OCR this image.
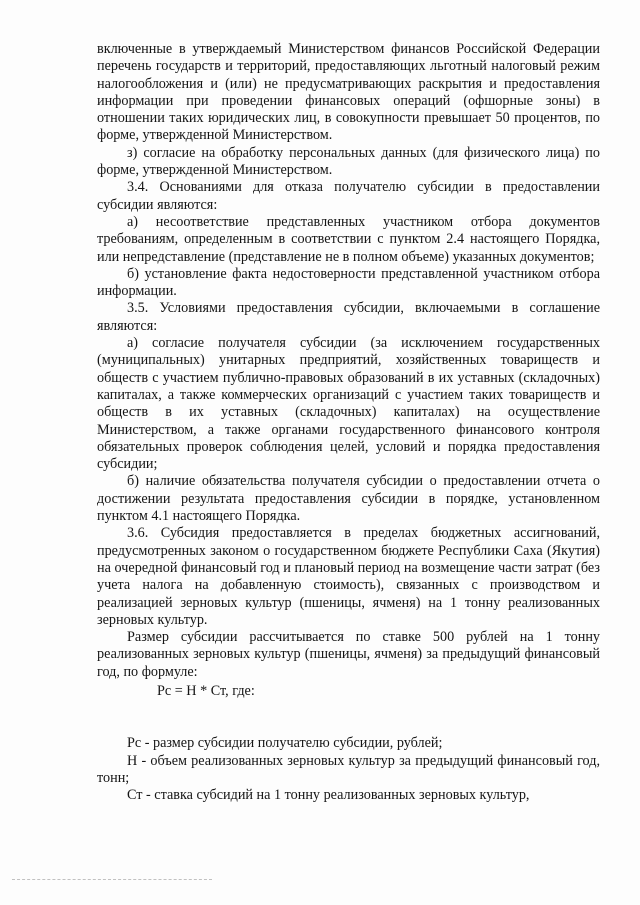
включенные в утверждаемый Министерством финансов Российской Федерации перечень государств и территорий, предоставляющих льготный налоговый режим налогообложения и (или) не предусматривающих раскрытия и предоставления информации при проведении финансовых операций (офшорные зоны) в отношении таких юридических лиц, в совокупности превышает 50 процентов, по форме, утвержденной Министерством.

з) согласие на обработку персональных данных (для физического лица) по форме, утвержденной Министерством.

3.4. Основаниями для отказа получателю субсидии в предоставлении субсидии являются:

а) несоответствие представленных участником отбора документов требованиям, определенным в соответствии с пунктом 2.4 настоящего Порядка, или непредставление (представление не в полном объеме) указанных документов;

б) установление факта недостоверности представленной участником отбора информации.

3.5. Условиями предоставления субсидии, включаемыми в соглашение являются:

а) согласие получателя субсидии (за исключением государственных (муниципальных) унитарных предприятий, хозяйственных товариществ и обществ с участием публично-правовых образований в их уставных (складочных) капиталах, а также коммерческих организаций с участием таких товариществ и обществ в их уставных (складочных) капиталах) на осуществление Министерством, а также органами государственного финансового контроля обязательных проверок соблюдения целей, условий и порядка предоставления субсидии;

б) наличие обязательства получателя субсидии о предоставлении отчета о достижении результата предоставления субсидии в порядке, установленном пунктом 4.1 настоящего Порядка.

3.6. Субсидия предоставляется в пределах бюджетных ассигнований, предусмотренных законом о государственном бюджете Республики Саха (Якутия) на очередной финансовый год и плановый период на возмещение части затрат (без учета налога на добавленную стоимость), связанных с производством и реализацией зерновых культур (пшеницы, ячменя) на 1 тонну реализованных зерновых культур.

Размер субсидии рассчитывается по ставке 500 рублей на 1 тонну реализованных зерновых культур (пшеницы, ячменя) за предыдущий финансовый год, по формуле:

Рс = Н * Ст, где:

Рс - размер субсидии получателю субсидии, рублей;

Н - объем реализованных зерновых культур за предыдущий финансовый год, тонн;

Ст - ставка субсидий на 1 тонну реализованных зерновых культур,
